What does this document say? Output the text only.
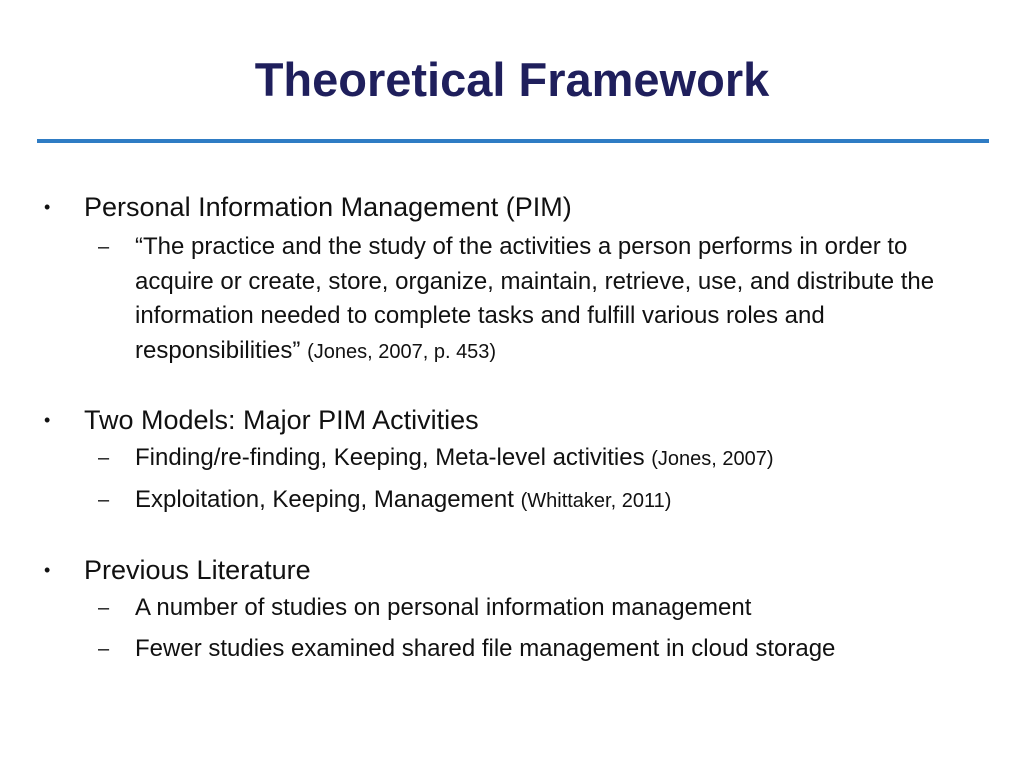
Theoretical Framework
• Personal Information Management (PIM)
– “The practice and the study of the activities a person performs in order to acquire or create, store, organize, maintain, retrieve, use, and distribute the information needed to complete tasks and fulfill various roles and responsibilities” (Jones, 2007, p. 453)
• Two Models: Major PIM Activities
– Finding/re-finding, Keeping, Meta-level activities (Jones, 2007)
– Exploitation, Keeping, Management (Whittaker, 2011)
• Previous Literature
– A number of studies on personal information management
– Fewer studies examined shared file management in cloud storage
